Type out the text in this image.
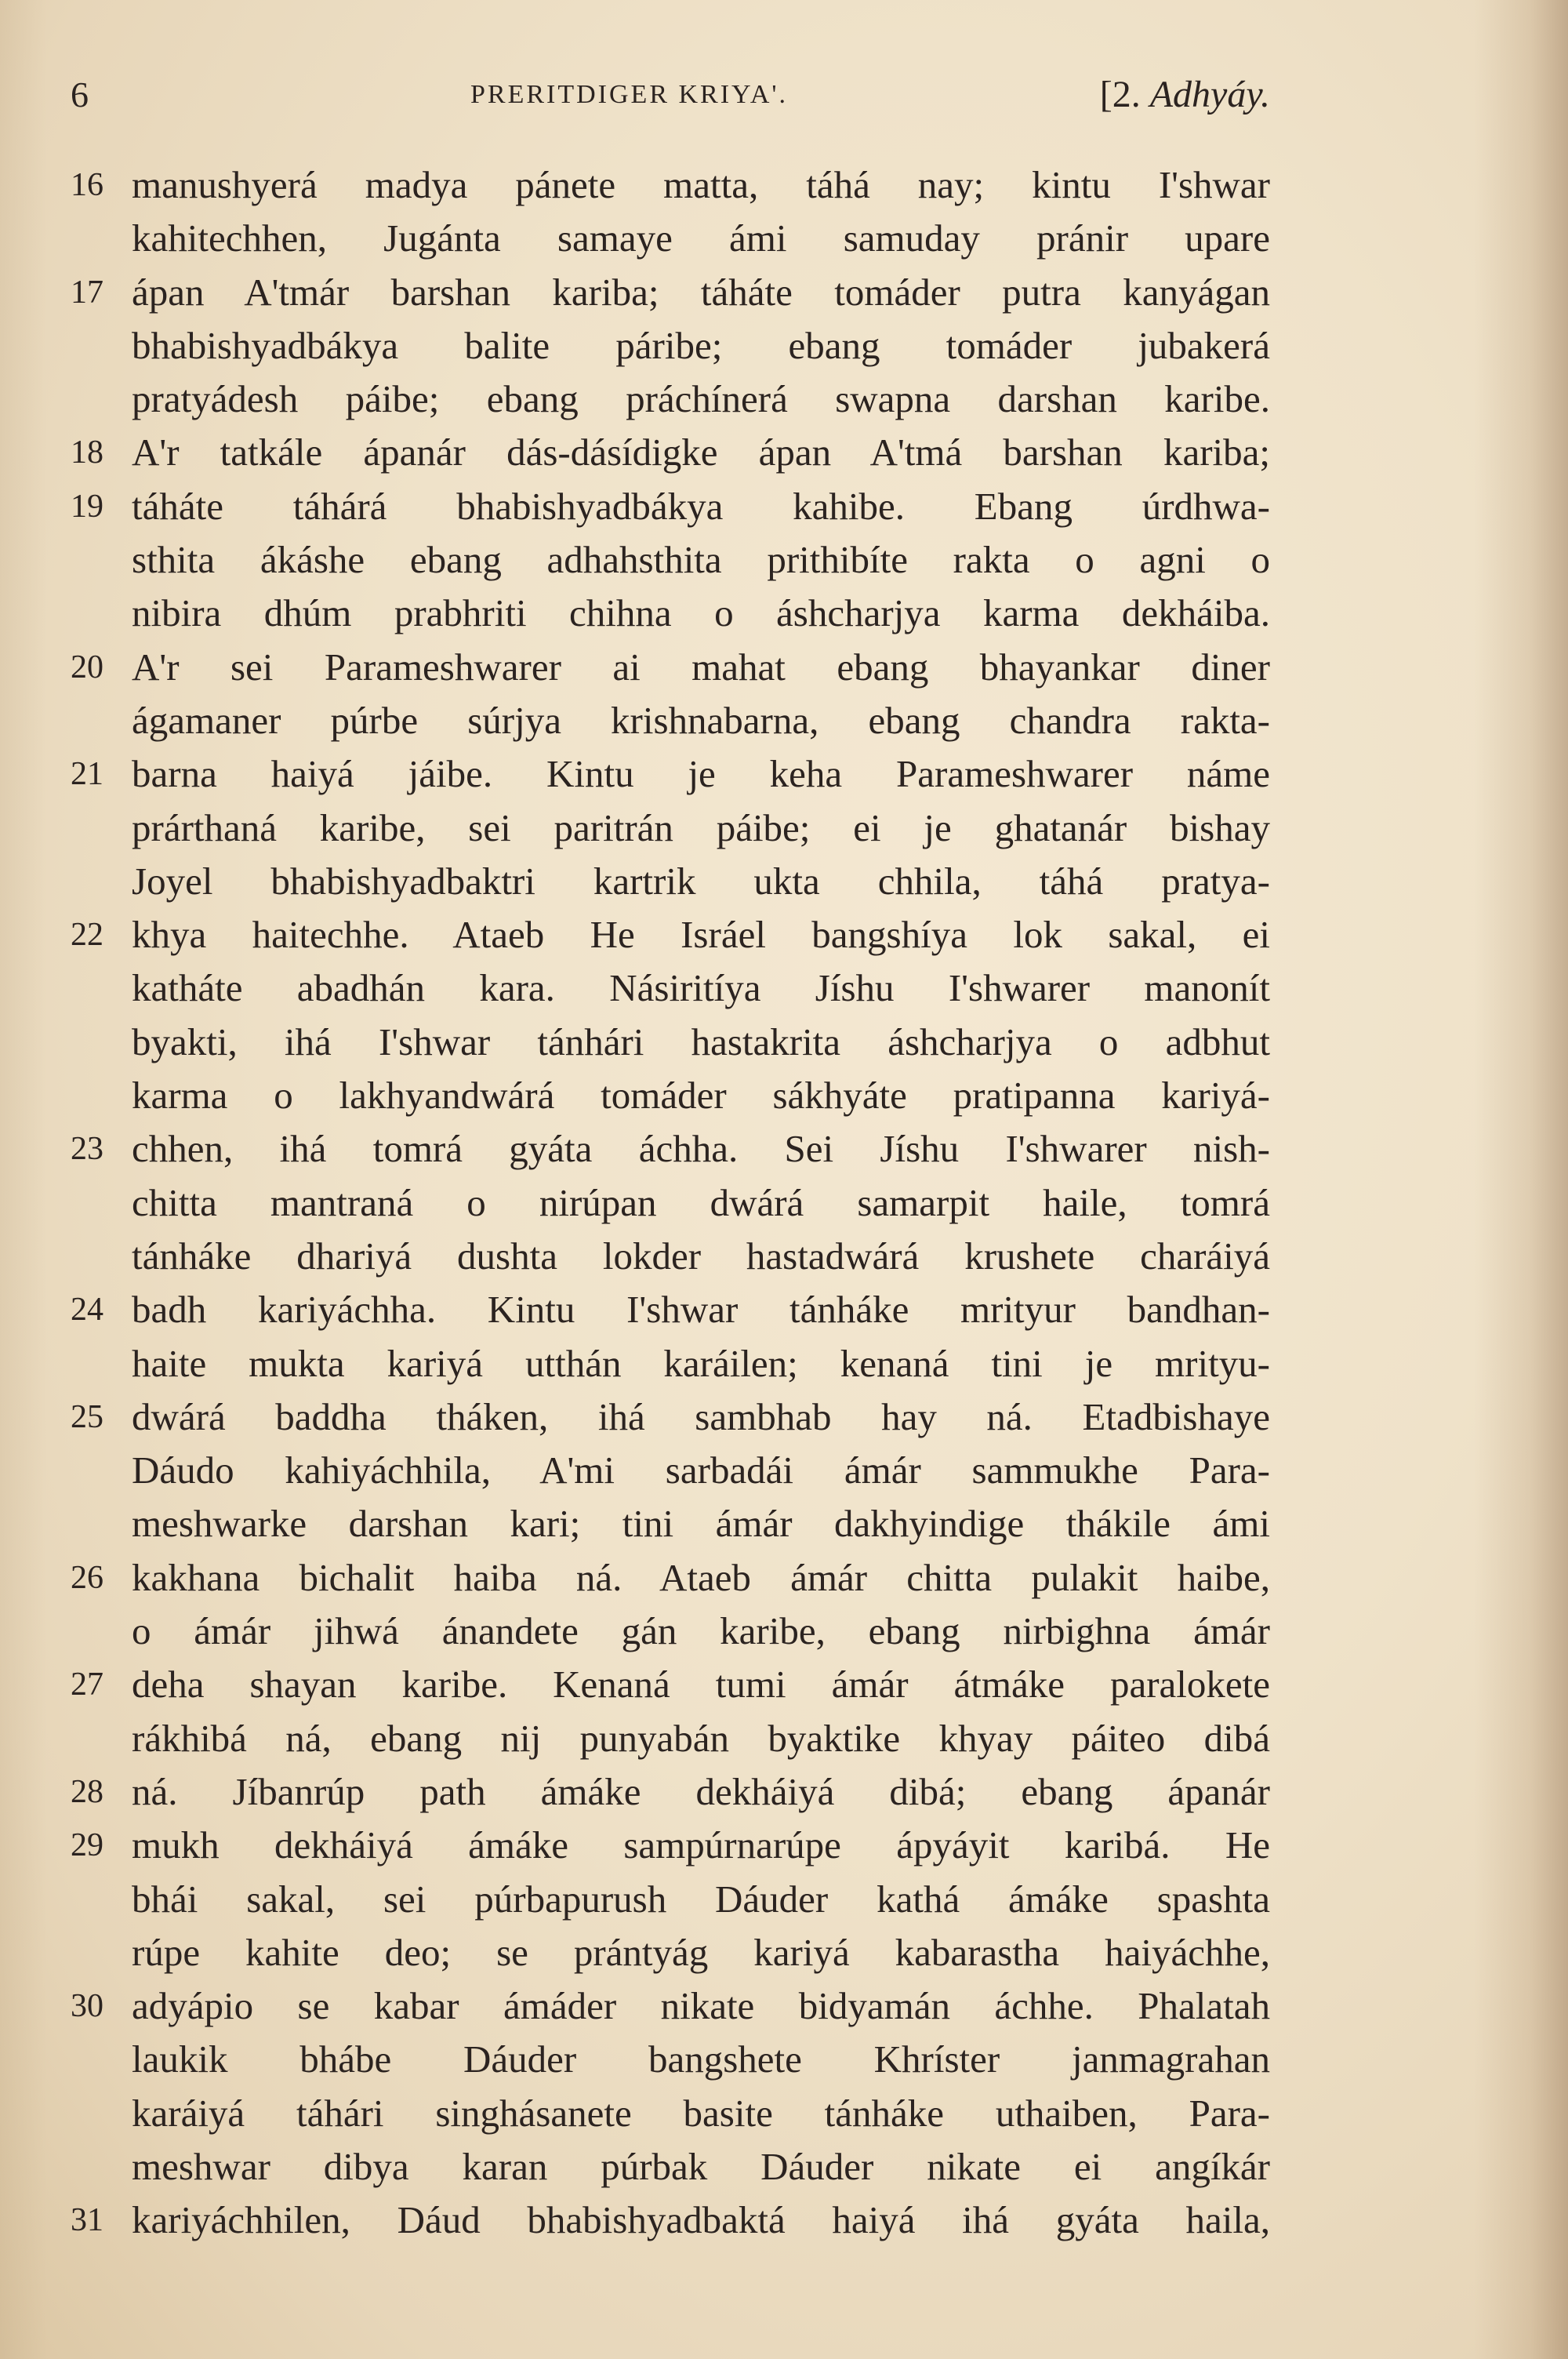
6	PRERITDIGER KRIYA'.	[2. Adhyáy.
16 manushyerá madya pánete matta, táhá nay; kintu I'shwar
kahitechhen, Jugánta samaye ámi samuday pránir upare
17 ápan A'tmár barshan kariba; táháte tomáder putra kanyágan
bhabishyadbákya balite páribe; ebang tomáder jubakerá
pratyádesh páibe; ebang práchínerá swapna darshan karibe.
18 A'r tatkále ápanár dás-dásídigke ápan A'tmá barshan kariba;
19 táháte táhárá bhabishyadbákya kahibe. Ebang úrdhwa-
sthita ákáshe ebang adhahsthita prithibíte rakta o agni o
nibira dhúm prabhriti chihna o áshcharjya karma dekháiba.
20 A'r sei Parameshwarer ai mahat ebang bhayankar diner
ágamaner púrbe súrjya krishnabarna, ebang chandra rakta-
21 barna haiyá jáibe. Kintu je keha Parameshwarer náme
prárthaná karibe, sei paritrán páibe; ei je ghatanár bishay
Joyel bhabishyadbaktri kartrik ukta chhila, táhá pratya-
22 khya haitechhe. Ataeb He Isráel bangshíya lok sakal, ei
katháte abadhán kara. Násiritíya Jíshu I'shwarer manonít
byakti, ihá I'shwar tánhári hastakrita áshcharjya o adbhut
karma o lakhyandwárá tomáder sákhyáte pratipanna kariyá-
23 chhen, ihá tomrá gyáta áchha. Sei Jíshu I'shwarer nish-
chitta mantraná o nirúpan dwárá samarpit haile, tomrá
tánháke dhariyá dushta lokder hastadwárá krushete charáiyá
24 badh kariyáchha. Kintu I'shwar tánháke mrityur bandhan-
haite mukta kariyá utthán karáilen; kenaná tini je mrityu-
25 dwárá baddha tháken, ihá sambhab hay ná. Etadbishaye
Dáudo kahiyáchhila, A'mi sarbadái ámár sammukhe Para-
meshwarke darshan kari; tini ámár dakhyindige thákile ámi
26 kakhana bichalit haiba ná. Ataeb ámár chitta pulakit haibe,
o ámár jihwá ánandete gán karibe, ebang nirbighna ámár
27 deha shayan karibe. Kenaná tumi ámár átmáke paralokete
rákhibá ná, ebang nij punyabán byaktike khyay páiteo dibá
28 ná. Jíbanrúp path ámáke dekháiyá dibá; ebang ápanár
29 mukh dekháiyá ámáke sampúrnarúpe ápyáyit karibá. He
bhái sakal, sei púrbapurush Dáuder kathá ámáke spashta
rúpe kahite deo; se prántyág kariyá kabarastha haiyáchhe,
30 adyápio se kabar ámáder nikate bidyamán áchhe. Phalatah
laukik bhábe Dáuder bangshete Khríster janmagrahan
karáiyá táhári singhásanete basite tánháke uthaiben, Para-
meshwar dibya karan púrbak Dáuder nikate ei angíkár
31 kariyáchhilen, Dáud bhabishyadbaktá haiyá ihá gyáta haila,
